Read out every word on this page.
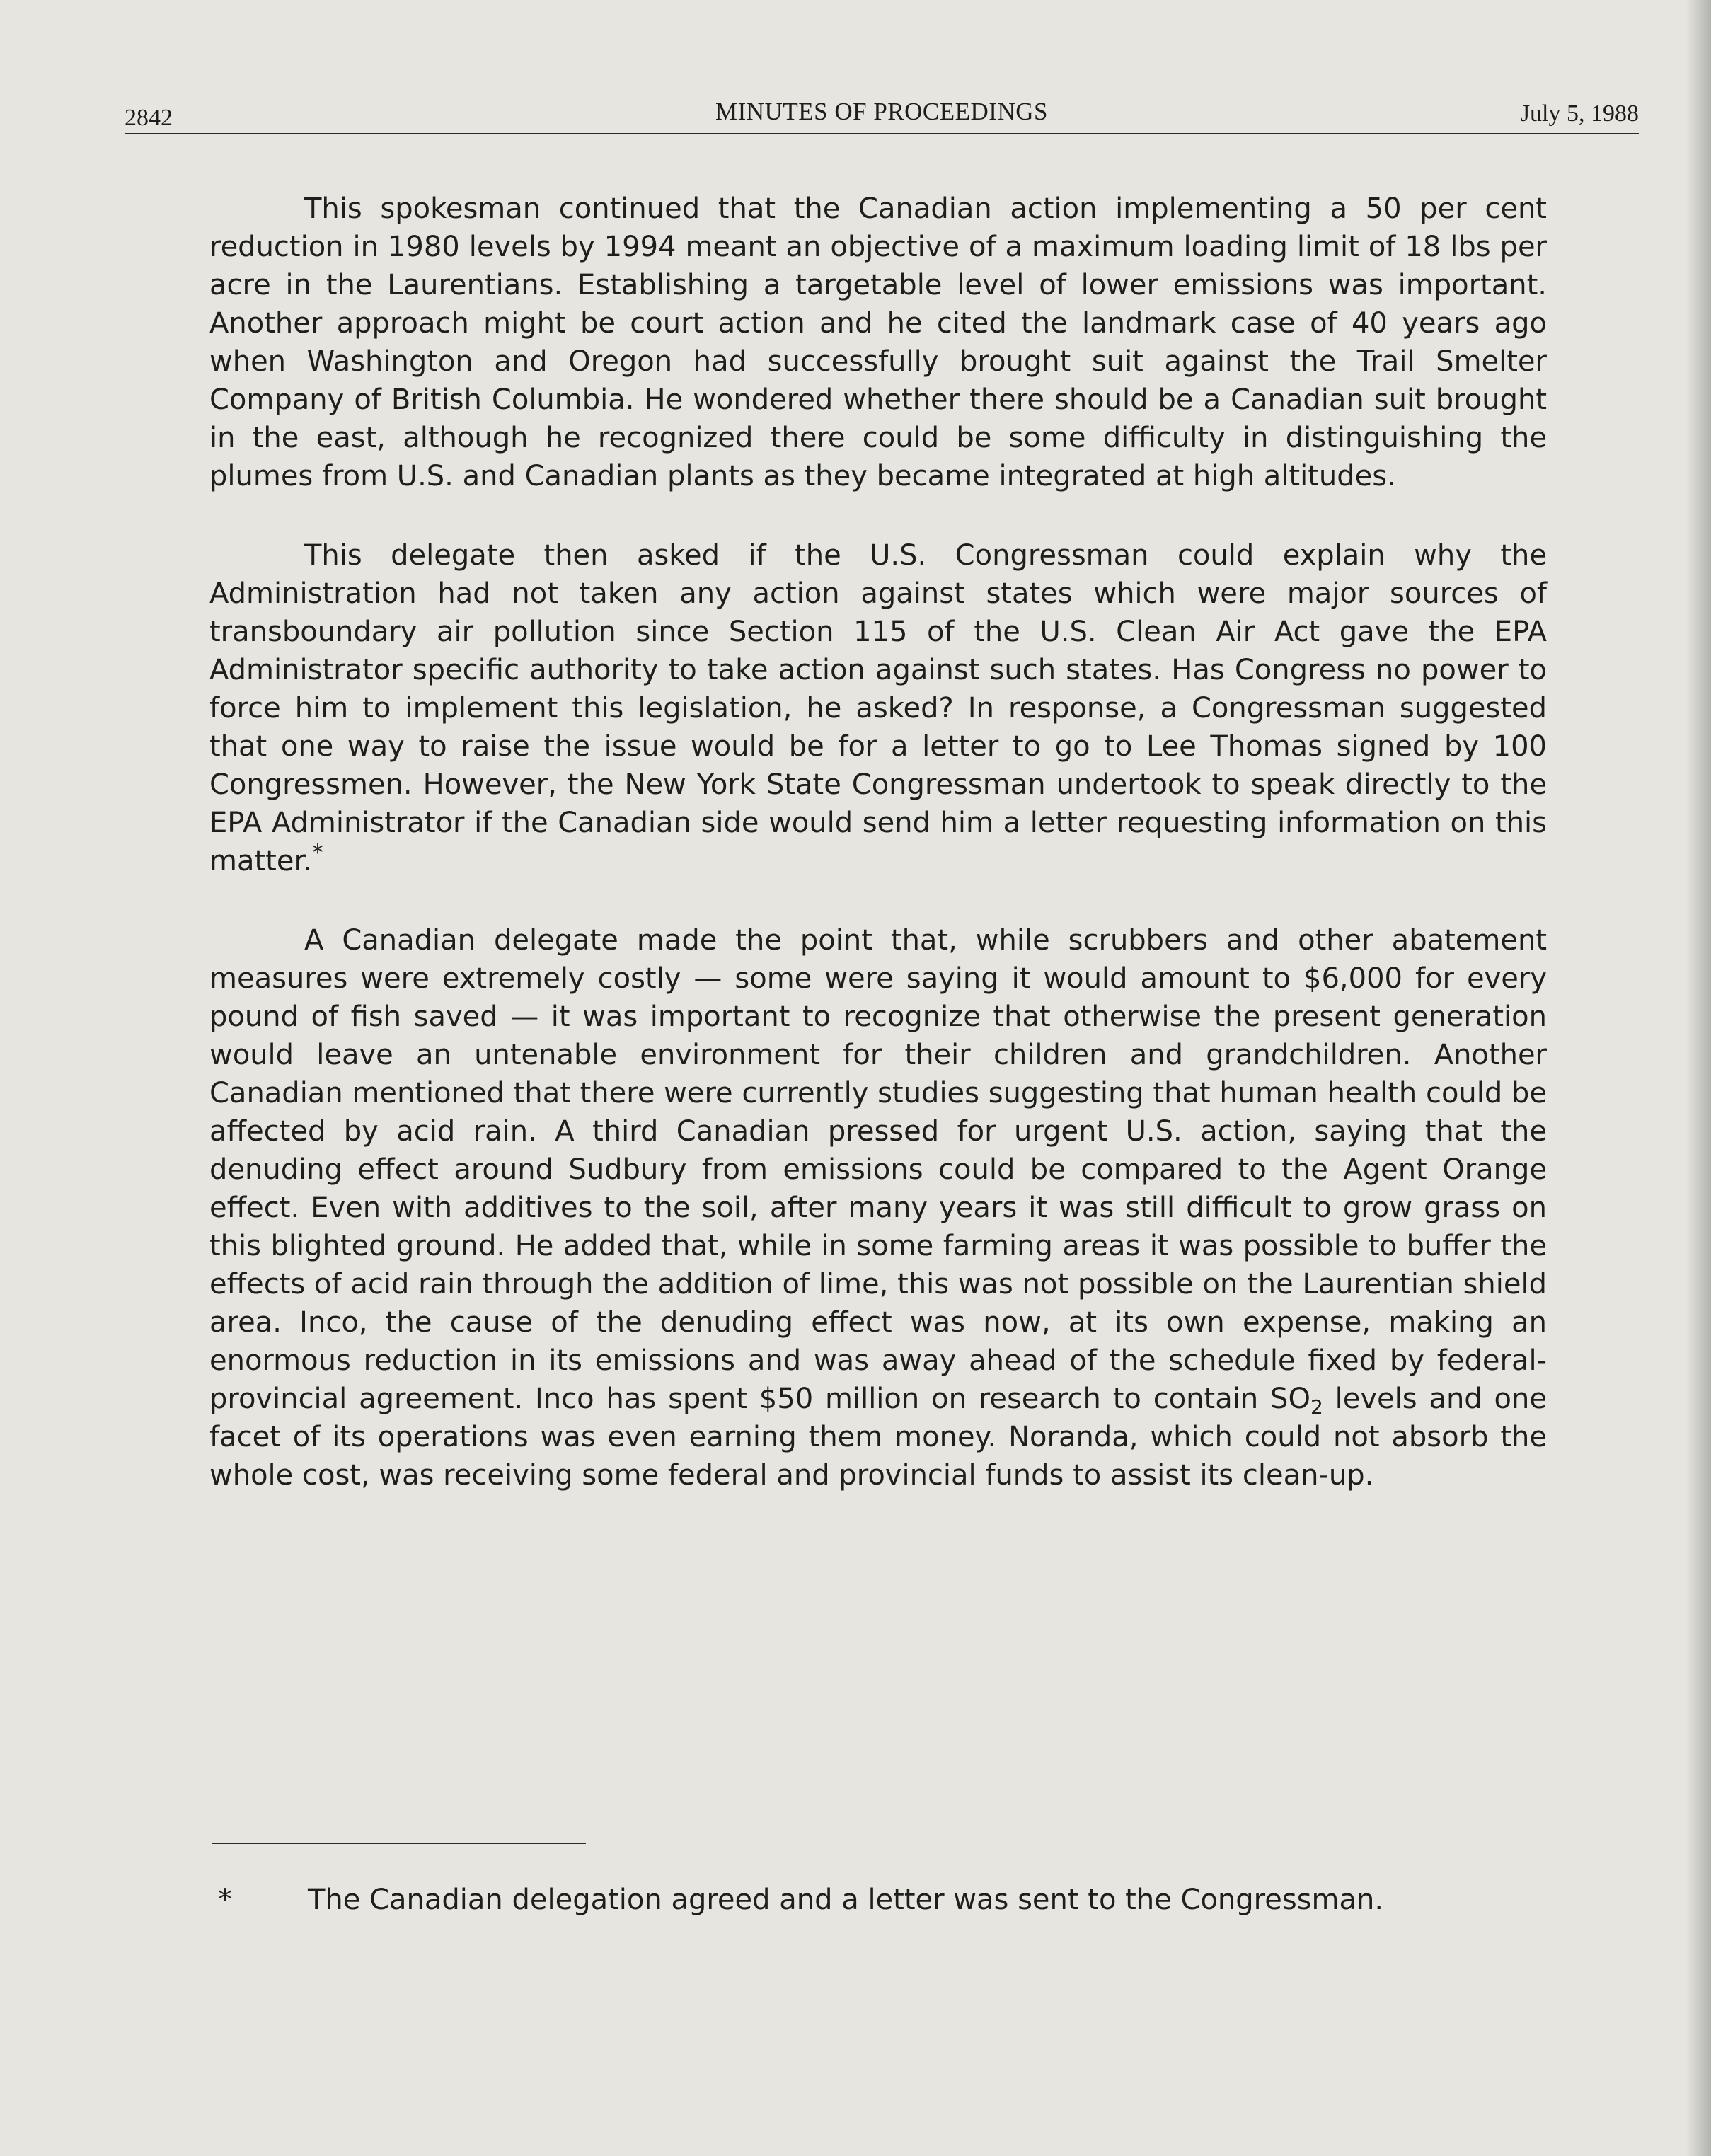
2842	MINUTES OF PROCEEDINGS	July 5, 1988

This spokesman continued that the Canadian action implementing a 50 per cent reduction in 1980 levels by 1994 meant an objective of a maximum loading limit of 18 lbs per acre in the Laurentians. Establishing a targetable level of lower emissions was important. Another approach might be court action and he cited the landmark case of 40 years ago when Washington and Oregon had successfully brought suit against the Trail Smelter Company of British Columbia. He wondered whether there should be a Canadian suit brought in the east, although he recognized there could be some difficulty in distinguishing the plumes from U.S. and Canadian plants as they became integrated at high altitudes.

This delegate then asked if the U.S. Congressman could explain why the Administration had not taken any action against states which were major sources of transboundary air pollution since Section 115 of the U.S. Clean Air Act gave the EPA Administrator specific authority to take action against such states. Has Congress no power to force him to implement this legislation, he asked? In response, a Congressman suggested that one way to raise the issue would be for a letter to go to Lee Thomas signed by 100 Congressmen. However, the New York State Congressman undertook to speak directly to the EPA Administrator if the Canadian side would send him a letter requesting information on this matter.*

A Canadian delegate made the point that, while scrubbers and other abatement measures were extremely costly — some were saying it would amount to $6,000 for every pound of fish saved — it was important to recognize that otherwise the present generation would leave an untenable environment for their children and grandchildren. Another Canadian mentioned that there were currently studies suggesting that human health could be affected by acid rain. A third Canadian pressed for urgent U.S. action, saying that the denuding effect around Sudbury from emissions could be compared to the Agent Orange effect. Even with additives to the soil, after many years it was still difficult to grow grass on this blighted ground. He added that, while in some farming areas it was possible to buffer the effects of acid rain through the addition of lime, this was not possible on the Laurentian shield area. Inco, the cause of the denuding effect was now, at its own expense, making an enormous reduction in its emissions and was away ahead of the schedule fixed by federal-provincial agreement. Inco has spent $50 million on research to contain $SO_2$ levels and one facet of its operations was even earning them money. Noranda, which could not absorb the whole cost, was receiving some federal and provincial funds to assist its clean-up.

*	The Canadian delegation agreed and a letter was sent to the Congressman.
